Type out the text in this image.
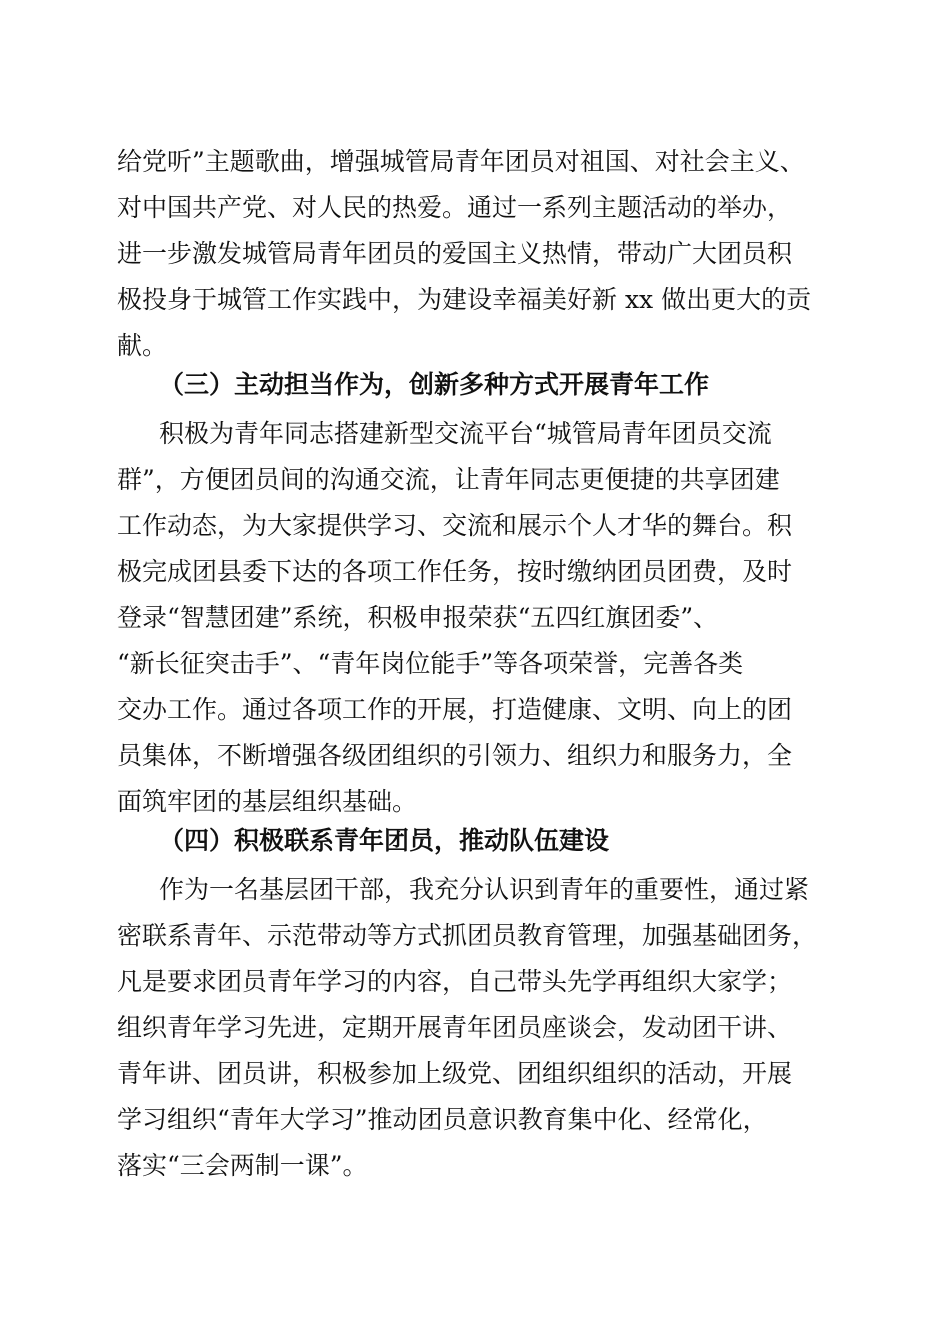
给党听”主题歌曲，增强城管局青年团员对祖国、对社会主义、
对中国共产党、对人民的热爱。通过一系列主题活动的举办，
进一步激发城管局青年团员的爱国主义热情，带动广大团员积
极投身于城管工作实践中，为建设幸福美好新 xx 做出更大的贡
献。
（三）主动担当作为，创新多种方式开展青年工作
积极为青年同志搭建新型交流平台“城管局青年团员交流
群”，方便团员间的沟通交流，让青年同志更便捷的共享团建
工作动态，为大家提供学习、交流和展示个人才华的舞台。积
极完成团县委下达的各项工作任务，按时缴纳团员团费，及时
登录“智慧团建”系统，积极申报荣获“五四红旗团委”、
“新长征突击手”、“青年岗位能手”等各项荣誉，完善各类
交办工作。通过各项工作的开展，打造健康、文明、向上的团
员集体，不断增强各级团组织的引领力、组织力和服务力，全
面筑牢团的基层组织基础。
（四）积极联系青年团员，推动队伍建设
作为一名基层团干部，我充分认识到青年的重要性，通过紧
密联系青年、示范带动等方式抓团员教育管理，加强基础团务，
凡是要求团员青年学习的内容，自己带头先学再组织大家学；
组织青年学习先进，定期开展青年团员座谈会，发动团干讲、
青年讲、团员讲，积极参加上级党、团组织组织的活动，开展
学习组织“青年大学习”推动团员意识教育集中化、经常化，
落实“三会两制一课”。
